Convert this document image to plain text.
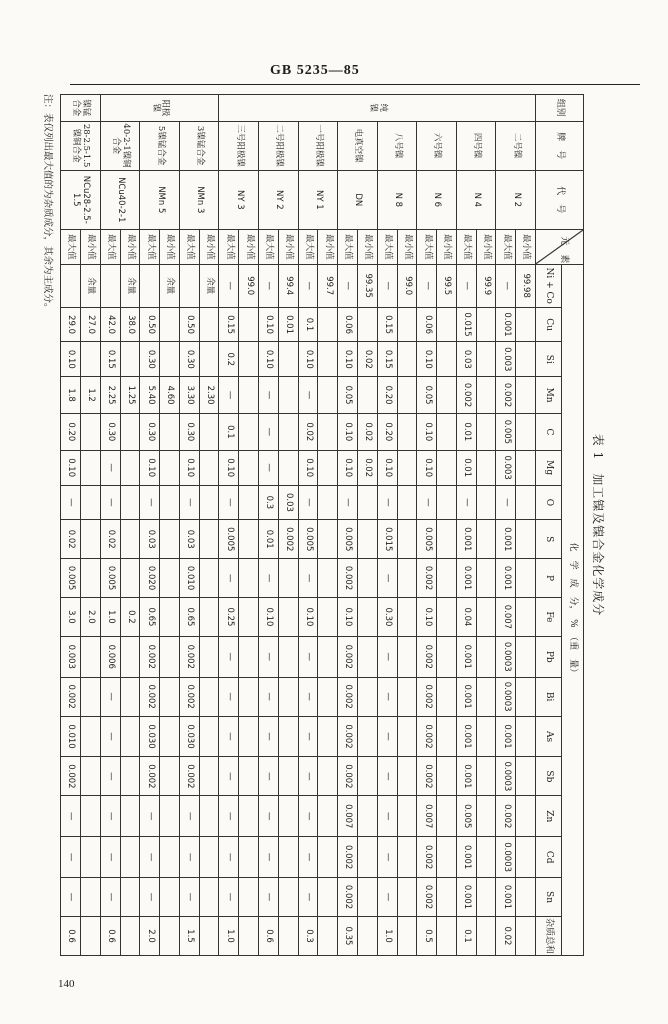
GB 5235—85
140
表 1　加工镍及镍合金化学成分
组别	牌　号	代　号	元　素	化　学　成　分，　%　（重　量）																	
				Ni + Co	Cu	Si	Mn	C	Mg	O	S	P	Fe	Pb	Bi	As	Sb	Zn	Cd	Sn	杂质总和
纯　镍	二号镍	N 2	最小值	99.98																	
			最大值	—	0.001	0.003	0.002	0.005	0.003	—	0.001	0.001	0.007	0.0003	0.0003	0.001	0.0003	0.002	0.0003	0.001	0.02
	四号镍	N 4	最小值	99.9																	
			最大值	—	0.015	0.03	0.002	0.01	0.01	—	0.001	0.001	0.04	0.001	0.001	0.001	0.001	0.005	0.001	0.001	0.1
	六号镍	N 6	最小值	99.5																	
			最大值	—	0.06	0.10	0.05	0.10	0.10	—	0.005	0.002	0.10	0.002	0.002	0.002	0.002	0.007	0.002	0.002	0.5
	八号镍	N 8	最小值	99.0																	
			最大值	—	0.15	0.15	0.20	0.20	0.10	—	0.015	—	0.30	—	—	—	—	—	—	—	1.0
	电真空镍	DN	最小值	99.35		0.02		0.02	0.02												
			最大值	—	0.06	0.10	0.05	0.10	0.10	—	0.005	0.002	0.10	0.002	0.002	0.002	0.002	0.007	0.002	0.002	0.35
	一号阳极镍	NY 1	最小值	99.7																	
			最大值	—	0.1	0.10	—	0.02	0.10	—	0.005	—	0.10	—	—	—	—	—	—	—	0.3
	二号阳极镍	NY 2	最小值	99.4	0.01					0.03	0.002										
			最大值	—	0.10	0.10	—	—	—	0.3	0.01	—	0.10	—	—	—	—	—	—	—	0.6
	三号阳极镍	NY 3	最小值	99.0																	
			最大值	—	0.15	0.2	—	0.1	0.10	—	0.005	—	0.25	—	—	—	—	—	—	—	1.0
阳极镍	3镍锰合金	NMn 3	最小值	余量			2.30														
			最大值		0.50	0.30	3.30	0.30	0.10	—	0.03	0.010	0.65	0.002	0.002	0.030	0.002	—	—	—	1.5
	5镍锰合金	NMn 5	最小值	余量			4.60														
			最大值		0.50	0.30	5.40	0.30	0.10	—	0.03	0.020	0.65	0.002	0.002	0.030	0.002	—	—	—	2.0
	40-2-1镍铜合金	NCu40-2-1	最小值	余量	38.0		1.25						0.2								
			最大值		42.0	0.15	2.25	0.30	—	—	0.02	0.005	1.0	0.006	—	—	—	—	—	—	0.6
镍锰合金	28-2.5-1.5镍铜合金	NCu28-2.5-1.5	最小值	余量	27.0		1.2						2.0								
			最大值		29.0	0.10	1.8	0.20	0.10	—	0.02	0.005	3.0	0.003	0.002	0.010	0.002	—	—	—	0.6
注：表仅列出最大值的为杂质成分，其余为主成分。
